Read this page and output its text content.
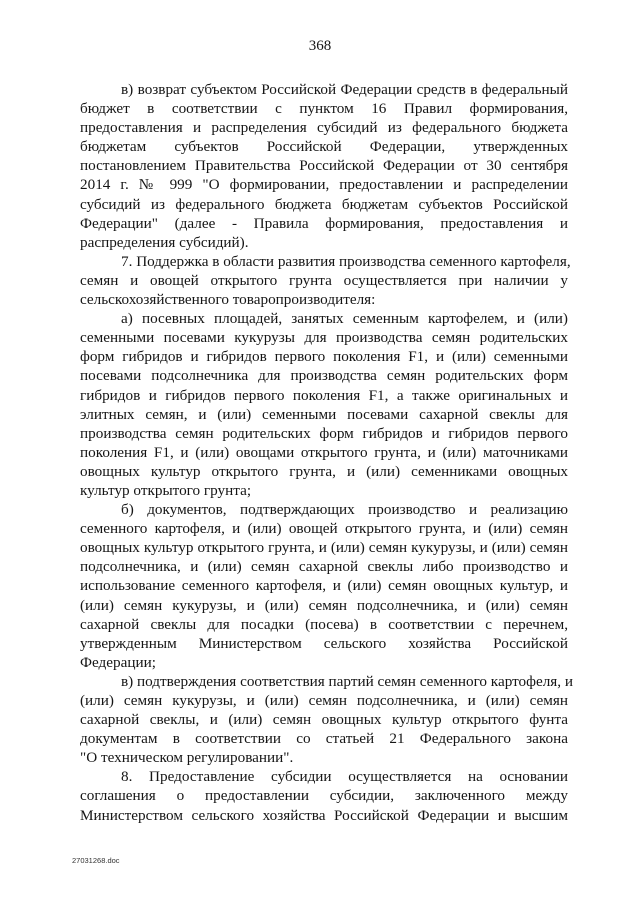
368
в) возврат субъектом Российской Федерации средств в федеральный
бюджет в соответствии с пунктом 16 Правил формирования,
предоставления и распределения субсидий из федерального бюджета
бюджетам субъектов Российской Федерации, утвержденных
постановлением Правительства Российской Федерации от 30 сентября
2014 г. № 999 "О формировании, предоставлении и распределении
субсидий из федерального бюджета бюджетам субъектов Российской
Федерации" (далее - Правила формирования, предоставления и
распределения субсидий).
7. Поддержка в области развития производства семенного картофеля,
семян и овощей открытого грунта осуществляется при наличии у
сельскохозяйственного товаропроизводителя:
а) посевных площадей, занятых семенным картофелем, и (или)
семенными посевами кукурузы для производства семян родительских
форм гибридов и гибридов первого поколения F1, и (или) семенными
посевами подсолнечника для производства семян родительских форм
гибридов и гибридов первого поколения F1, а также оригинальных и
элитных семян, и (или) семенными посевами сахарной свеклы для
производства семян родительских форм гибридов и гибридов первого
поколения F1, и (или) овощами открытого грунта, и (или) маточниками
овощных культур открытого грунта, и (или) семенниками овощных
культур открытого грунта;
б) документов, подтверждающих производство и реализацию
семенного картофеля, и (или) овощей открытого грунта, и (или) семян
овощных культур открытого грунта, и (или) семян кукурузы, и (или) семян
подсолнечника, и (или) семян сахарной свеклы либо производство и
использование семенного картофеля, и (или) семян овощных культур, и
(или) семян кукурузы, и (или) семян подсолнечника, и (или) семян
сахарной свеклы для посадки (посева) в соответствии с перечнем,
утвержденным Министерством сельского хозяйства Российской
Федерации;
в) подтверждения соответствия партий семян семенного картофеля, и
(или) семян кукурузы, и (или) семян подсолнечника, и (или) семян
сахарной свеклы, и (или) семян овощных культур открытого фунта
документам в соответствии со статьей 21 Федерального закона
"О техническом регулировании".
8. Предоставление субсидии осуществляется на основании
соглашения о предоставлении субсидии, заключенного между
Министерством сельского хозяйства Российской Федерации и высшим
27031268.doc
